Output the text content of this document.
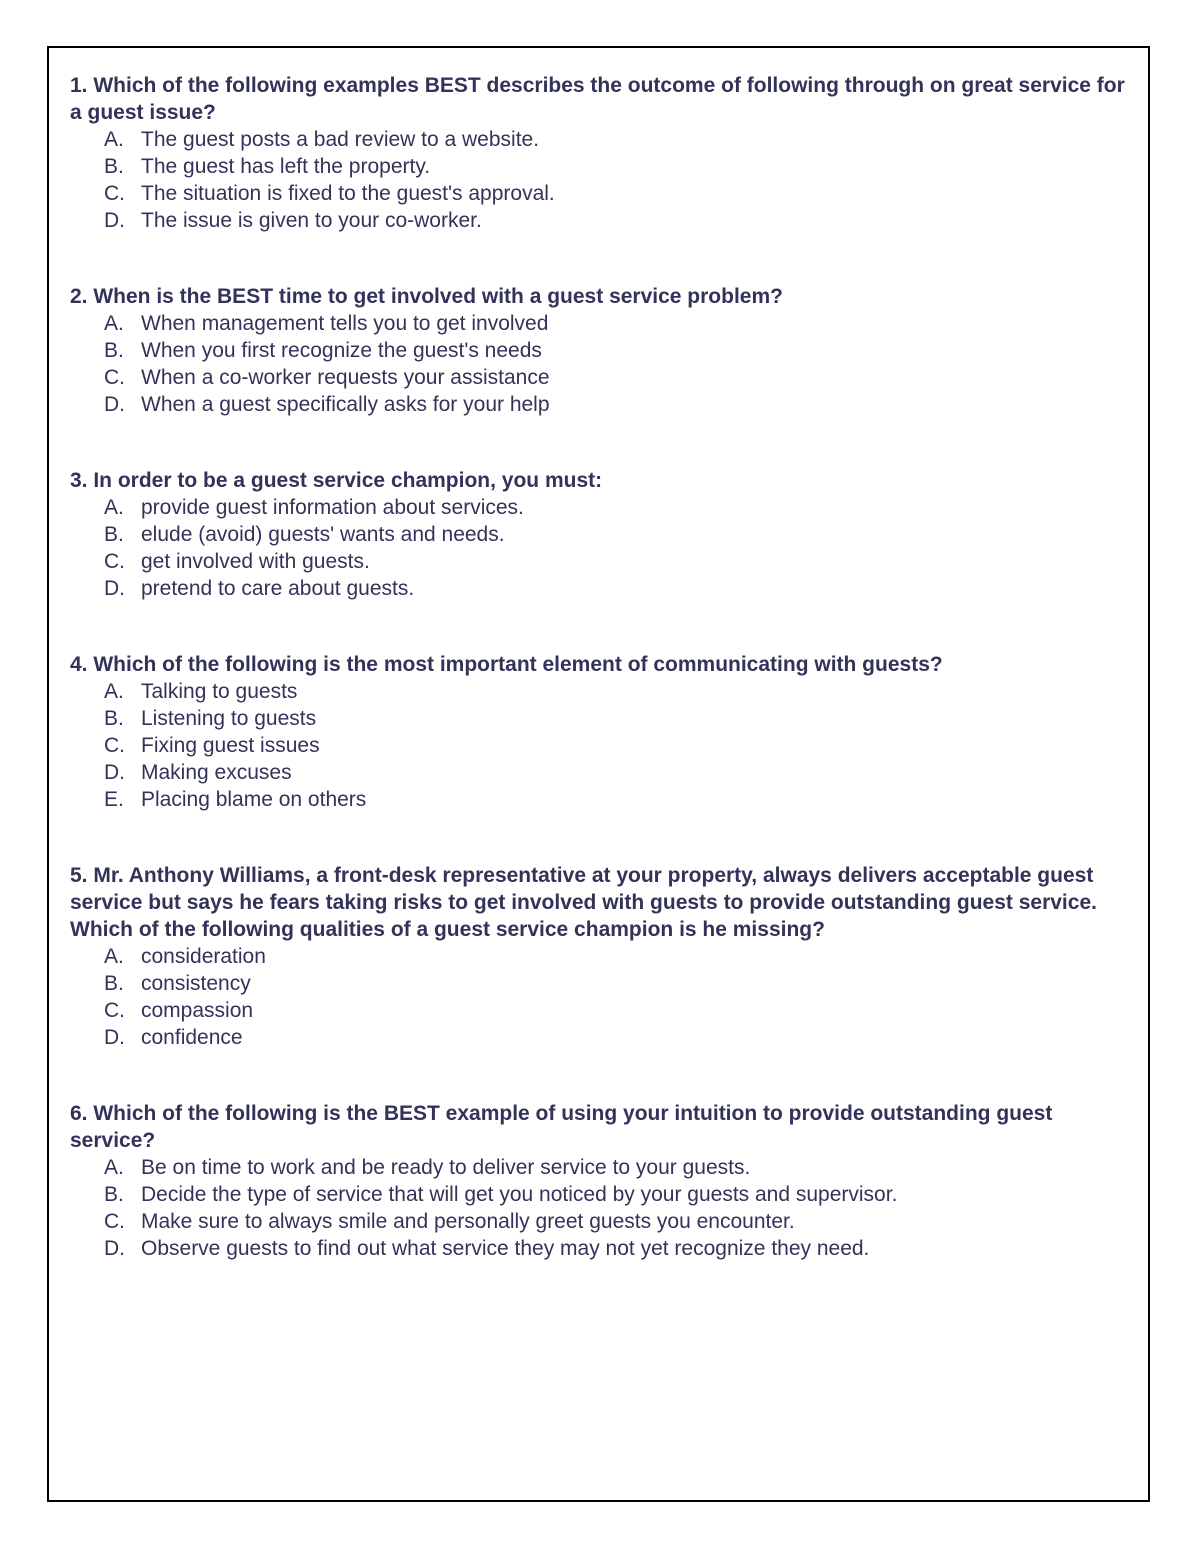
1. Which of the following examples BEST describes the outcome of following through on great service for a guest issue?

A. The guest posts a bad review to a website.
B. The guest has left the property.
C. The situation is fixed to the guest's approval.
D. The issue is given to your co-worker.

2. When is the BEST time to get involved with a guest service problem?

A. When management tells you to get involved
B. When you first recognize the guest's needs
C. When a co-worker requests your assistance
D. When a guest specifically asks for your help

3. In order to be a guest service champion, you must:

A. provide guest information about services.
B. elude (avoid) guests' wants and needs.
C. get involved with guests.
D. pretend to care about guests.

4. Which of the following is the most important element of communicating with guests?

A. Talking to guests
B. Listening to guests
C. Fixing guest issues
D. Making excuses
E. Placing blame on others

5. Mr. Anthony Williams, a front-desk representative at your property, always delivers acceptable guest service but says he fears taking risks to get involved with guests to provide outstanding guest service. Which of the following qualities of a guest service champion is he missing?

A. consideration
B. consistency
C. compassion
D. confidence

6. Which of the following is the BEST example of using your intuition to provide outstanding guest service?

A. Be on time to work and be ready to deliver service to your guests.
B. Decide the type of service that will get you noticed by your guests and supervisor.
C. Make sure to always smile and personally greet guests you encounter.
D. Observe guests to find out what service they may not yet recognize they need.
